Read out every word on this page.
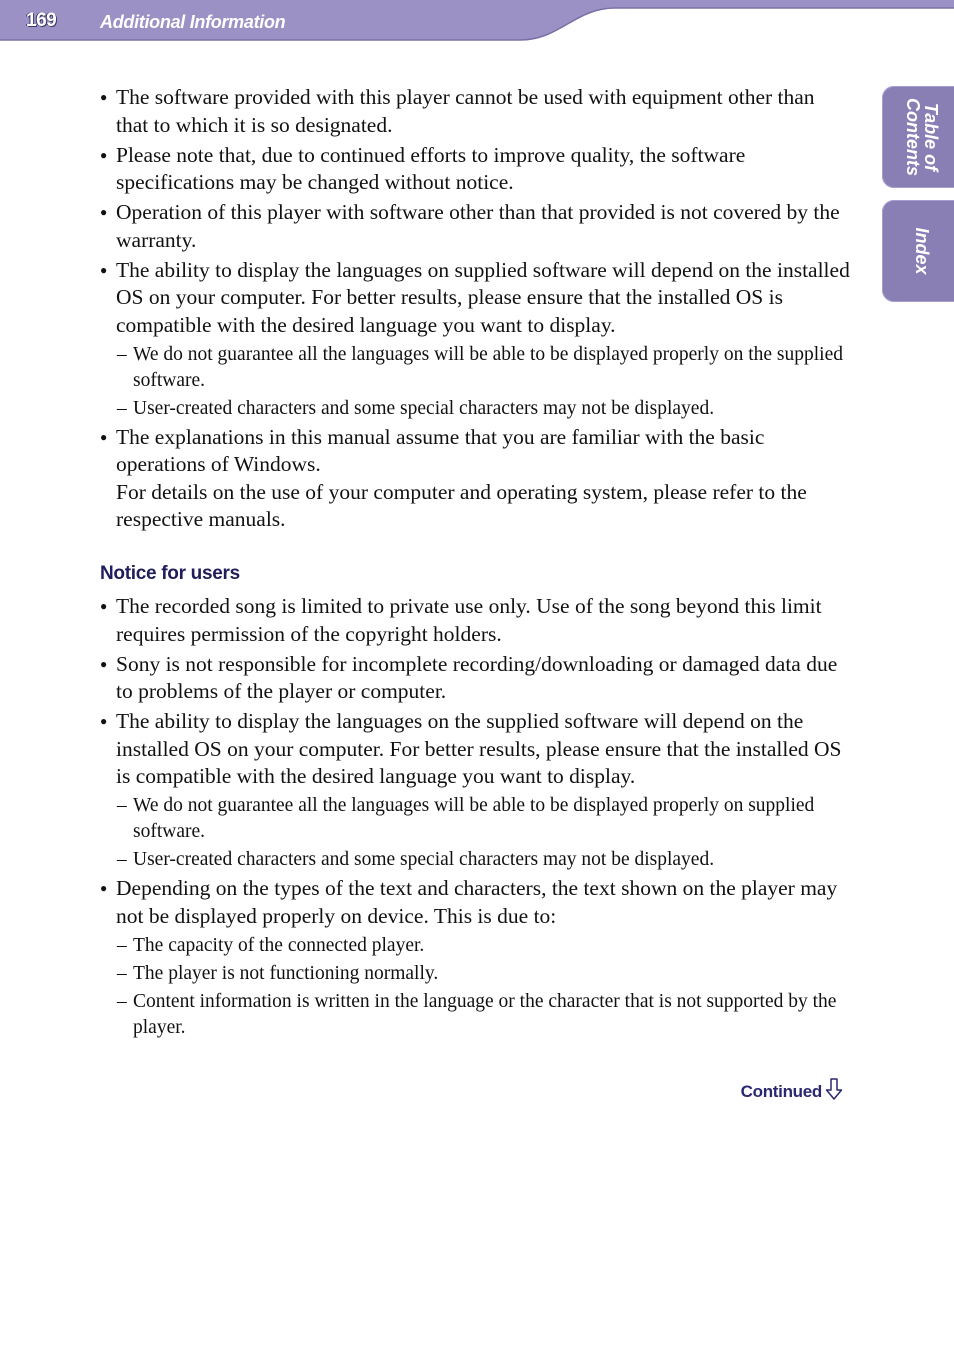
169 Additional Information
Table of Contents
Index

● The software provided with this player cannot be used with equipment other than that to which it is so designated.

● Please note that, due to continued efforts to improve quality, the software specifications may be changed without notice.

● Operation of this player with software other than that provided is not covered by the warranty.

● The ability to display the languages on supplied software will depend on the installed OS on your computer. For better results, please ensure that the installed OS is compatible with the desired language you want to display.

– We do not guarantee all the languages will be able to be displayed properly on the supplied software.
– User-created characters and some special characters may not be displayed.

● The explanations in this manual assume that you are familiar with the basic operations of Windows.

For details on the use of your computer and operating system, please refer to the respective manuals.

Notice for users

● The recorded song is limited to private use only. Use of the song beyond this limit requires permission of the copyright holders.

● Sony is not responsible for incomplete recording/downloading or damaged data due to problems of the player or computer.

● The ability to display the languages on the supplied software will depend on the installed OS on your computer. For better results, please ensure that the installed OS is compatible with the desired language you want to display.

– We do not guarantee all the languages will be able to be displayed properly on supplied software.
– User-created characters and some special characters may not be displayed.

● Depending on the types of the text and characters, the text shown on the player may not be displayed properly on device. This is due to:

– The capacity of the connected player.
– The player is not functioning normally.
– Content information is written in the language or the character that is not supported by the player.
Continued
